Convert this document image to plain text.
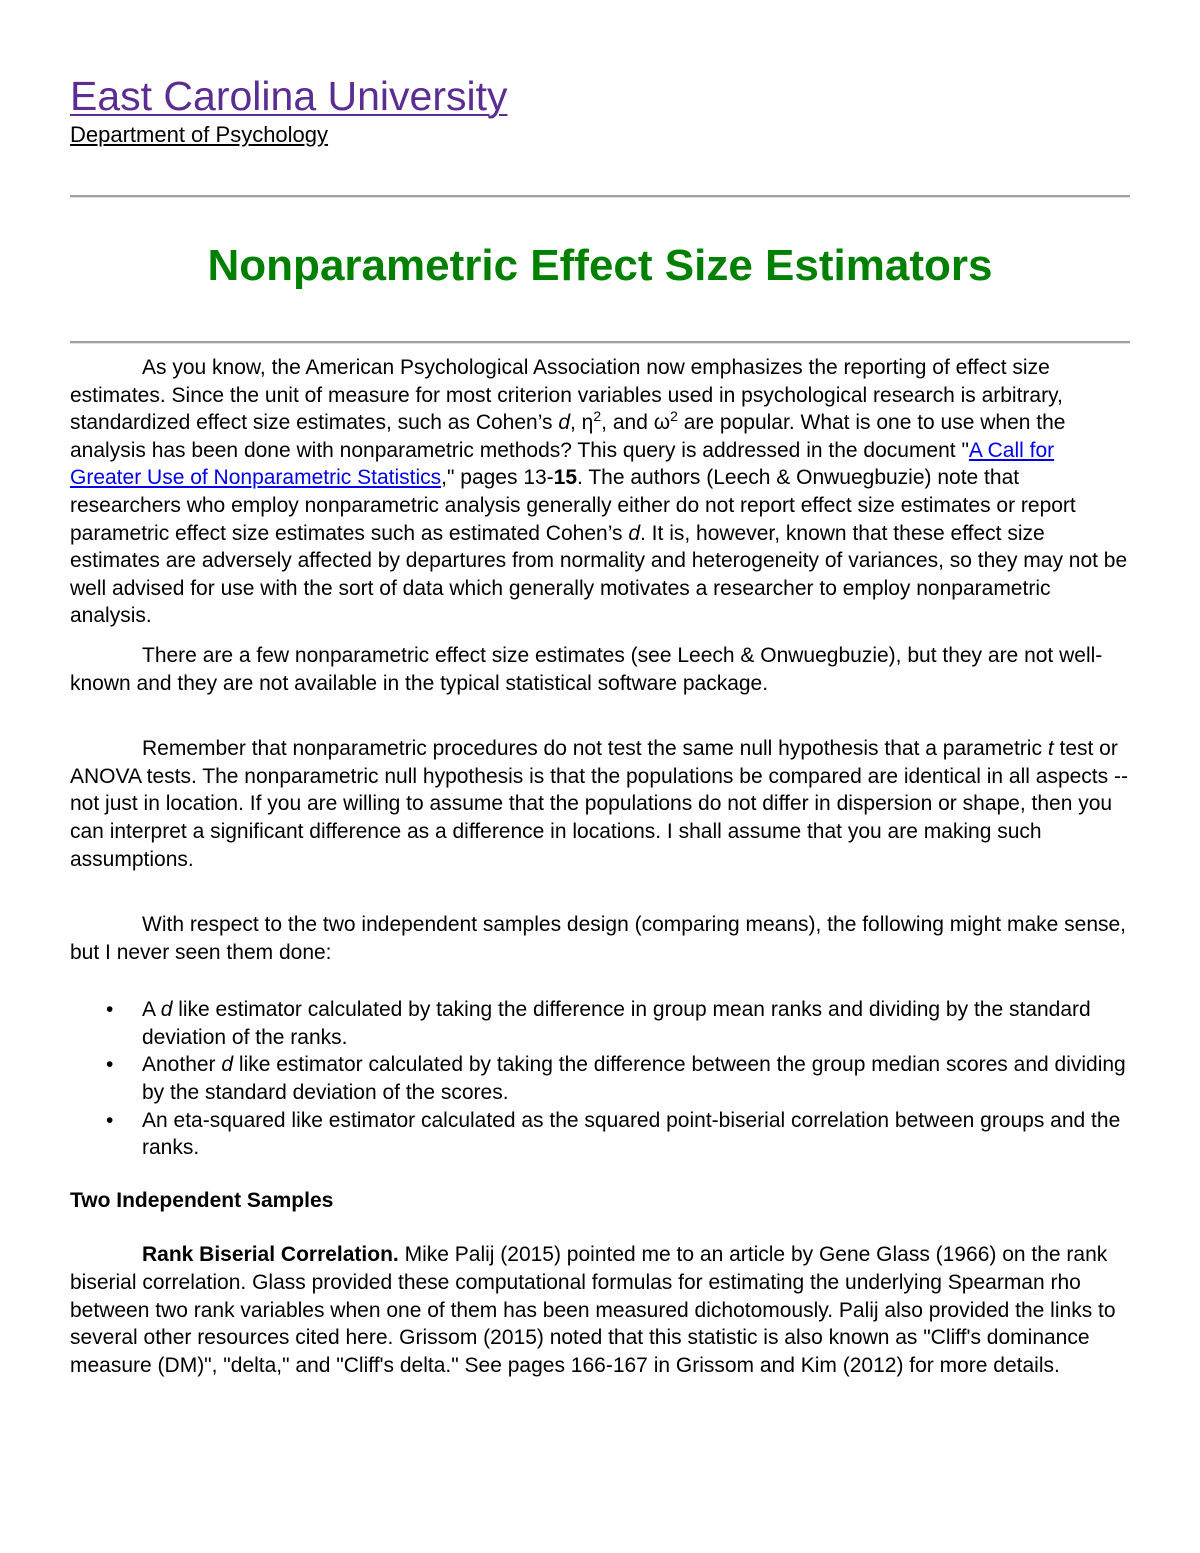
East Carolina University
Department of Psychology
Nonparametric Effect Size Estimators

As you know, the American Psychological Association now emphasizes the reporting of effect size estimates. Since the unit of measure for most criterion variables used in psychological research is arbitrary, standardized effect size estimates, such as Cohen’s d, $\eta^2$, and $\omega^2$ are popular. What is one to use when the analysis has been done with nonparametric methods? This query is addressed in the document "A Call for Greater Use of Nonparametric Statistics," pages 13-15. The authors (Leech & Onwuegbuzie) note that researchers who employ nonparametric analysis generally either do not report effect size estimates or report parametric effect size estimates such as estimated Cohen’s d. It is, however, known that these effect size estimates are adversely affected by departures from normality and heterogeneity of variances, so they may not be well advised for use with the sort of data which generally motivates a researcher to employ nonparametric analysis.

There are a few nonparametric effect size estimates (see Leech & Onwuegbuzie), but they are not well-known and they are not available in the typical statistical software package.

Remember that nonparametric procedures do not test the same null hypothesis that a parametric t test or ANOVA tests. The nonparametric null hypothesis is that the populations be compared are identical in all aspects -- not just in location. If you are willing to assume that the populations do not differ in dispersion or shape, then you can interpret a significant difference as a difference in locations. I shall assume that you are making such assumptions.

With respect to the two independent samples design (comparing means), the following might make sense, but I never seen them done:

• A d like estimator calculated by taking the difference in group mean ranks and dividing by the standard deviation of the ranks.
• Another d like estimator calculated by taking the difference between the group median scores and dividing by the standard deviation of the scores.
• An eta-squared like estimator calculated as the squared point-biserial correlation between groups and the ranks.
Two Independent Samples

Rank Biserial Correlation. Mike Palij (2015) pointed me to an article by Gene Glass (1966) on the rank biserial correlation. Glass provided these computational formulas for estimating the underlying Spearman rho between two rank variables when one of them has been measured dichotomously. Palij also provided the links to several other resources cited here. Grissom (2015) noted that this statistic is also known as "Cliff's dominance measure (DM)", "delta," and "Cliff's delta." See pages 166-167 in Grissom and Kim (2012) for more details.
